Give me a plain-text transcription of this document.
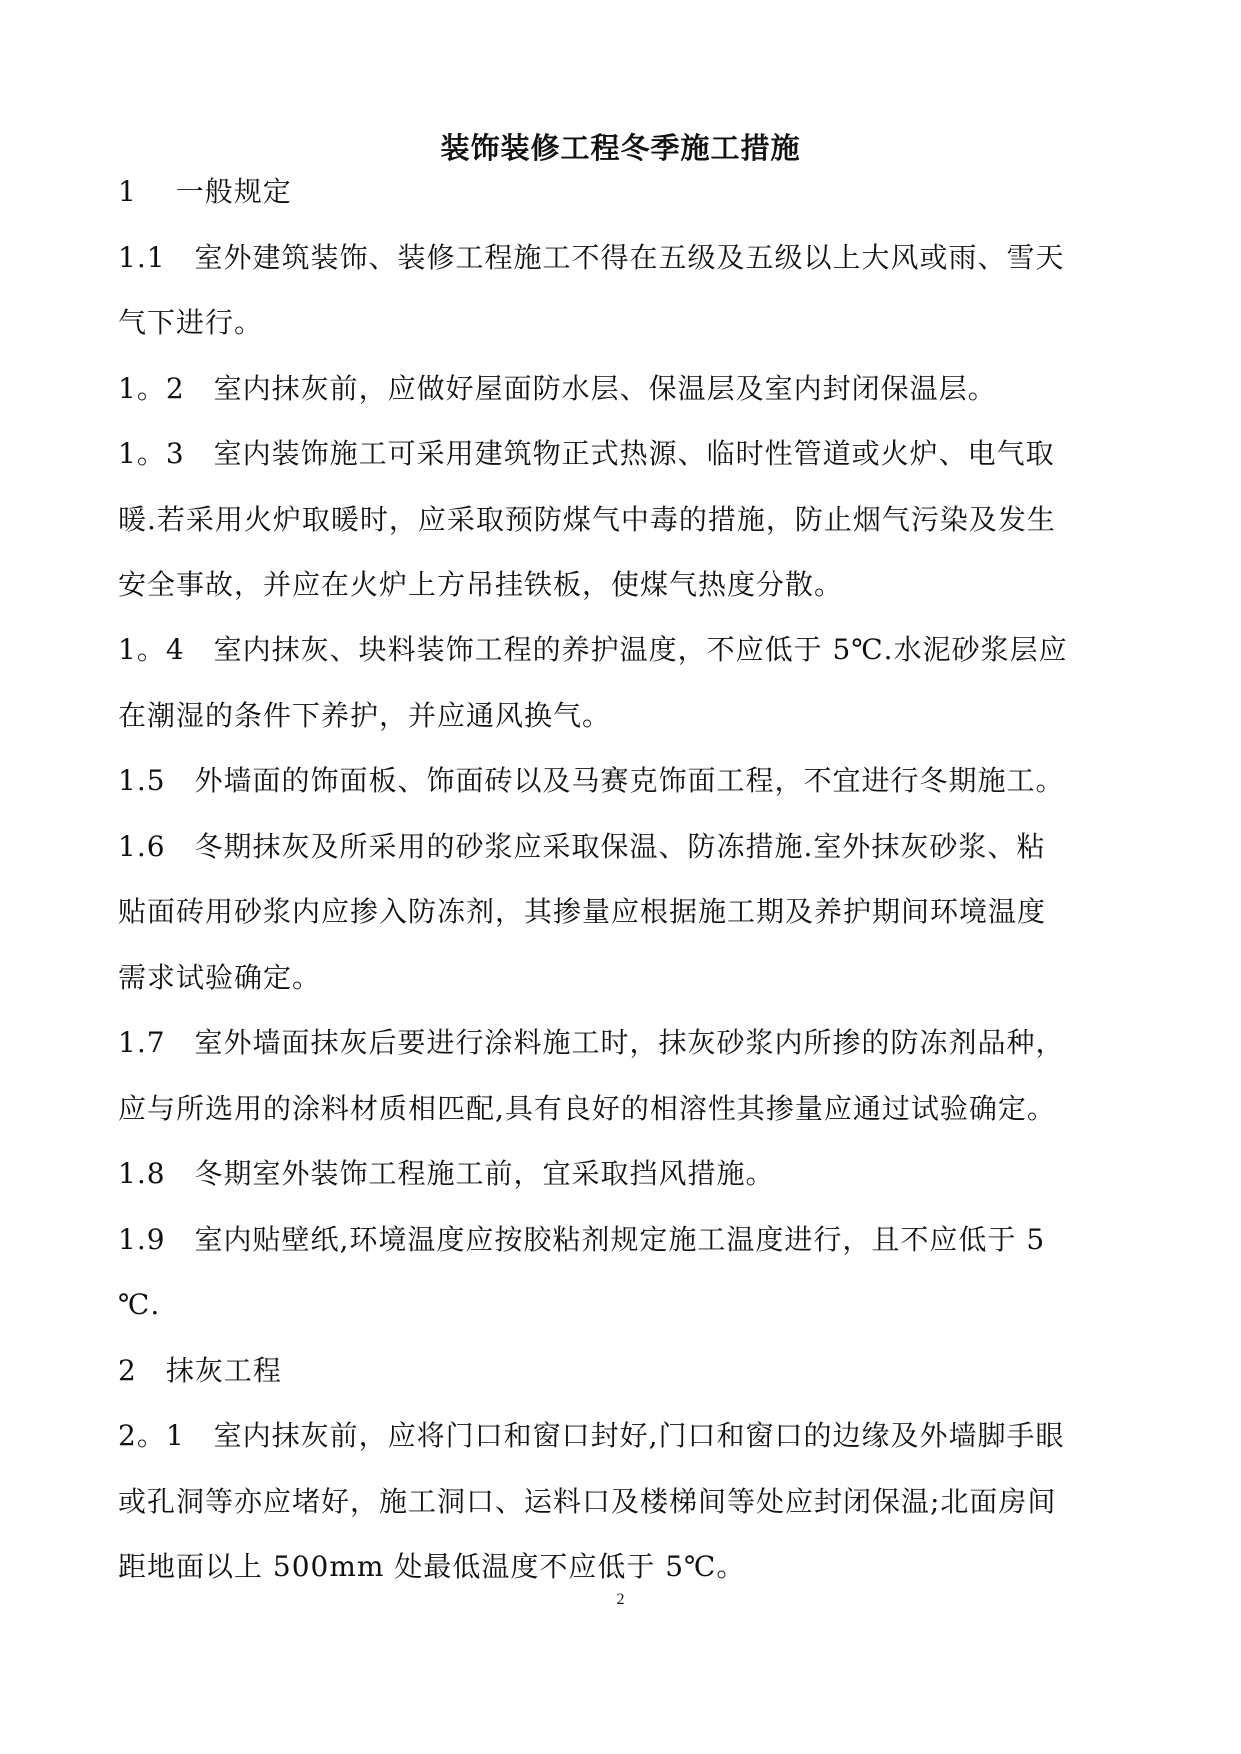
装饰装修工程冬季施工措施
1　 一般规定
1.1　室外建筑装饰、装修工程施工不得在五级及五级以上大风或雨、雪天
气下进行。
1。2　室内抹灰前，应做好屋面防水层、保温层及室内封闭保温层。
1。3　室内装饰施工可采用建筑物正式热源、临时性管道或火炉、电气取
暖.若采用火炉取暖时，应采取预防煤气中毒的措施，防止烟气污染及发生
安全事故，并应在火炉上方吊挂铁板，使煤气热度分散。
1。4　室内抹灰、块料装饰工程的养护温度，不应低于 5℃.水泥砂浆层应
在潮湿的条件下养护，并应通风换气。
1.5　外墙面的饰面板、饰面砖以及马赛克饰面工程，不宜进行冬期施工。
1.6　冬期抹灰及所采用的砂浆应采取保温、防冻措施.室外抹灰砂浆、粘
贴面砖用砂浆内应掺入防冻剂，其掺量应根据施工期及养护期间环境温度
需求试验确定。
1.7　室外墙面抹灰后要进行涂料施工时，抹灰砂浆内所掺的防冻剂品种，
应与所选用的涂料材质相匹配,具有良好的相溶性其掺量应通过试验确定。
1.8　冬期室外装饰工程施工前，宜采取挡风措施。
1.9　室内贴壁纸,环境温度应按胶粘剂规定施工温度进行，且不应低于 5
℃.
2　抹灰工程
2。1　室内抹灰前，应将门口和窗口封好,门口和窗口的边缘及外墙脚手眼
或孔洞等亦应堵好，施工洞口、运料口及楼梯间等处应封闭保温;北面房间
距地面以上 500mm 处最低温度不应低于 5℃。
2
